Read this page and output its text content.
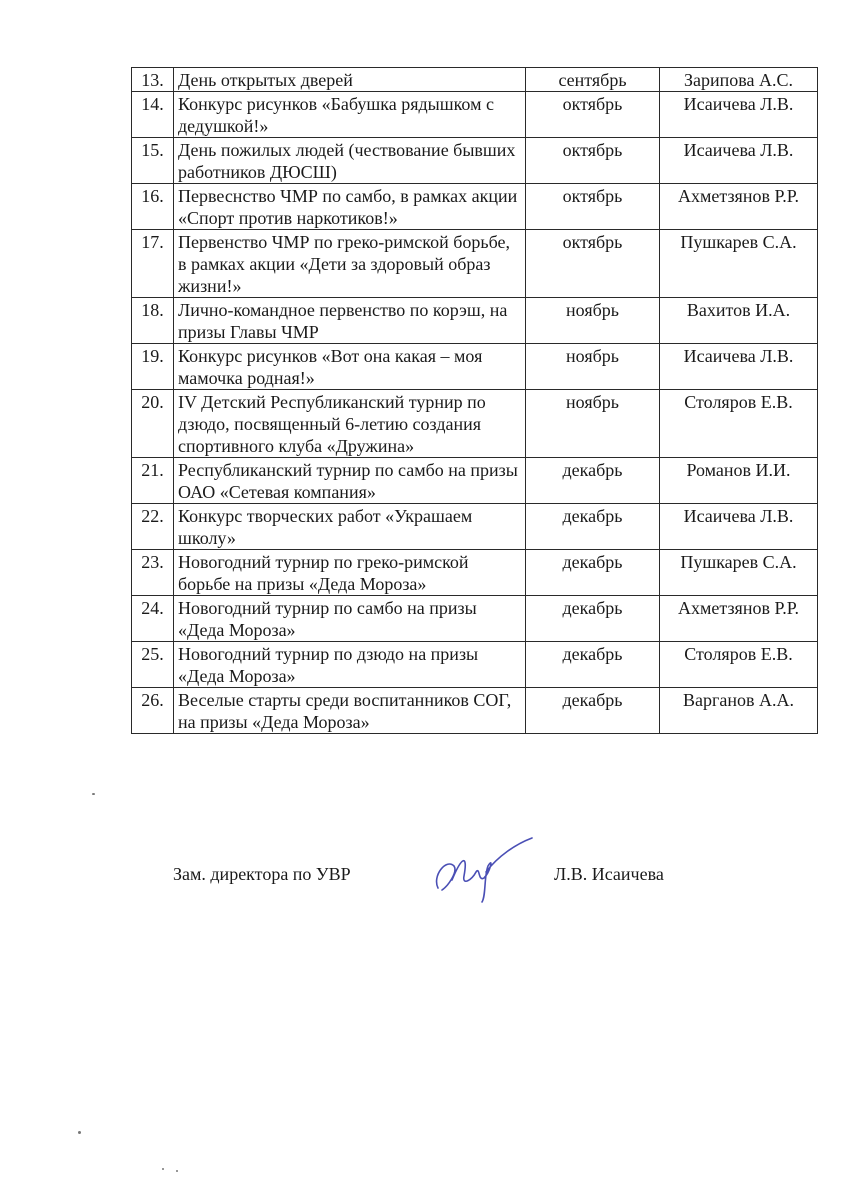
13.	День открытых дверей	сентябрь	Зарипова А.С.
14.	Конкурс рисунков «Бабушка рядышком с дедушкой!»	октябрь	Исаичева Л.В.
15.	День пожилых людей (чествование бывших работников ДЮСШ)	октябрь	Исаичева Л.В.
16.	Первеснство ЧМР по самбо, в рамках акции «Спорт против наркотиков!»	октябрь	Ахметзянов Р.Р.
17.	Первенство ЧМР по греко-римской борьбе, в рамках акции «Дети за здоровый образ жизни!»	октябрь	Пушкарев С.А.
18.	Лично-командное первенство по корэш, на призы Главы ЧМР	ноябрь	Вахитов И.А.
19.	Конкурс рисунков «Вот она какая – моя мамочка родная!»	ноябрь	Исаичева Л.В.
20.	IV Детский Республиканский турнир по дзюдо, посвященный 6-летию создания спортивного клуба «Дружина»	ноябрь	Столяров Е.В.
21.	Республиканский турнир по самбо на призы ОАО «Сетевая компания»	декабрь	Романов И.И.
22.	Конкурс творческих работ «Украшаем школу»	декабрь	Исаичева Л.В.
23.	Новогодний турнир по греко-римской борьбе на призы «Деда Мороза»	декабрь	Пушкарев С.А.
24.	Новогодний турнир по самбо на призы «Деда Мороза»	декабрь	Ахметзянов Р.Р.
25.	Новогодний турнир по дзюдо на призы «Деда Мороза»	декабрь	Столяров Е.В.
26.	Веселые старты среди воспитанников СОГ, на призы «Деда Мороза»	декабрь	Варганов А.А.
Зам. директора по УВР	Л.В. Исаичева
